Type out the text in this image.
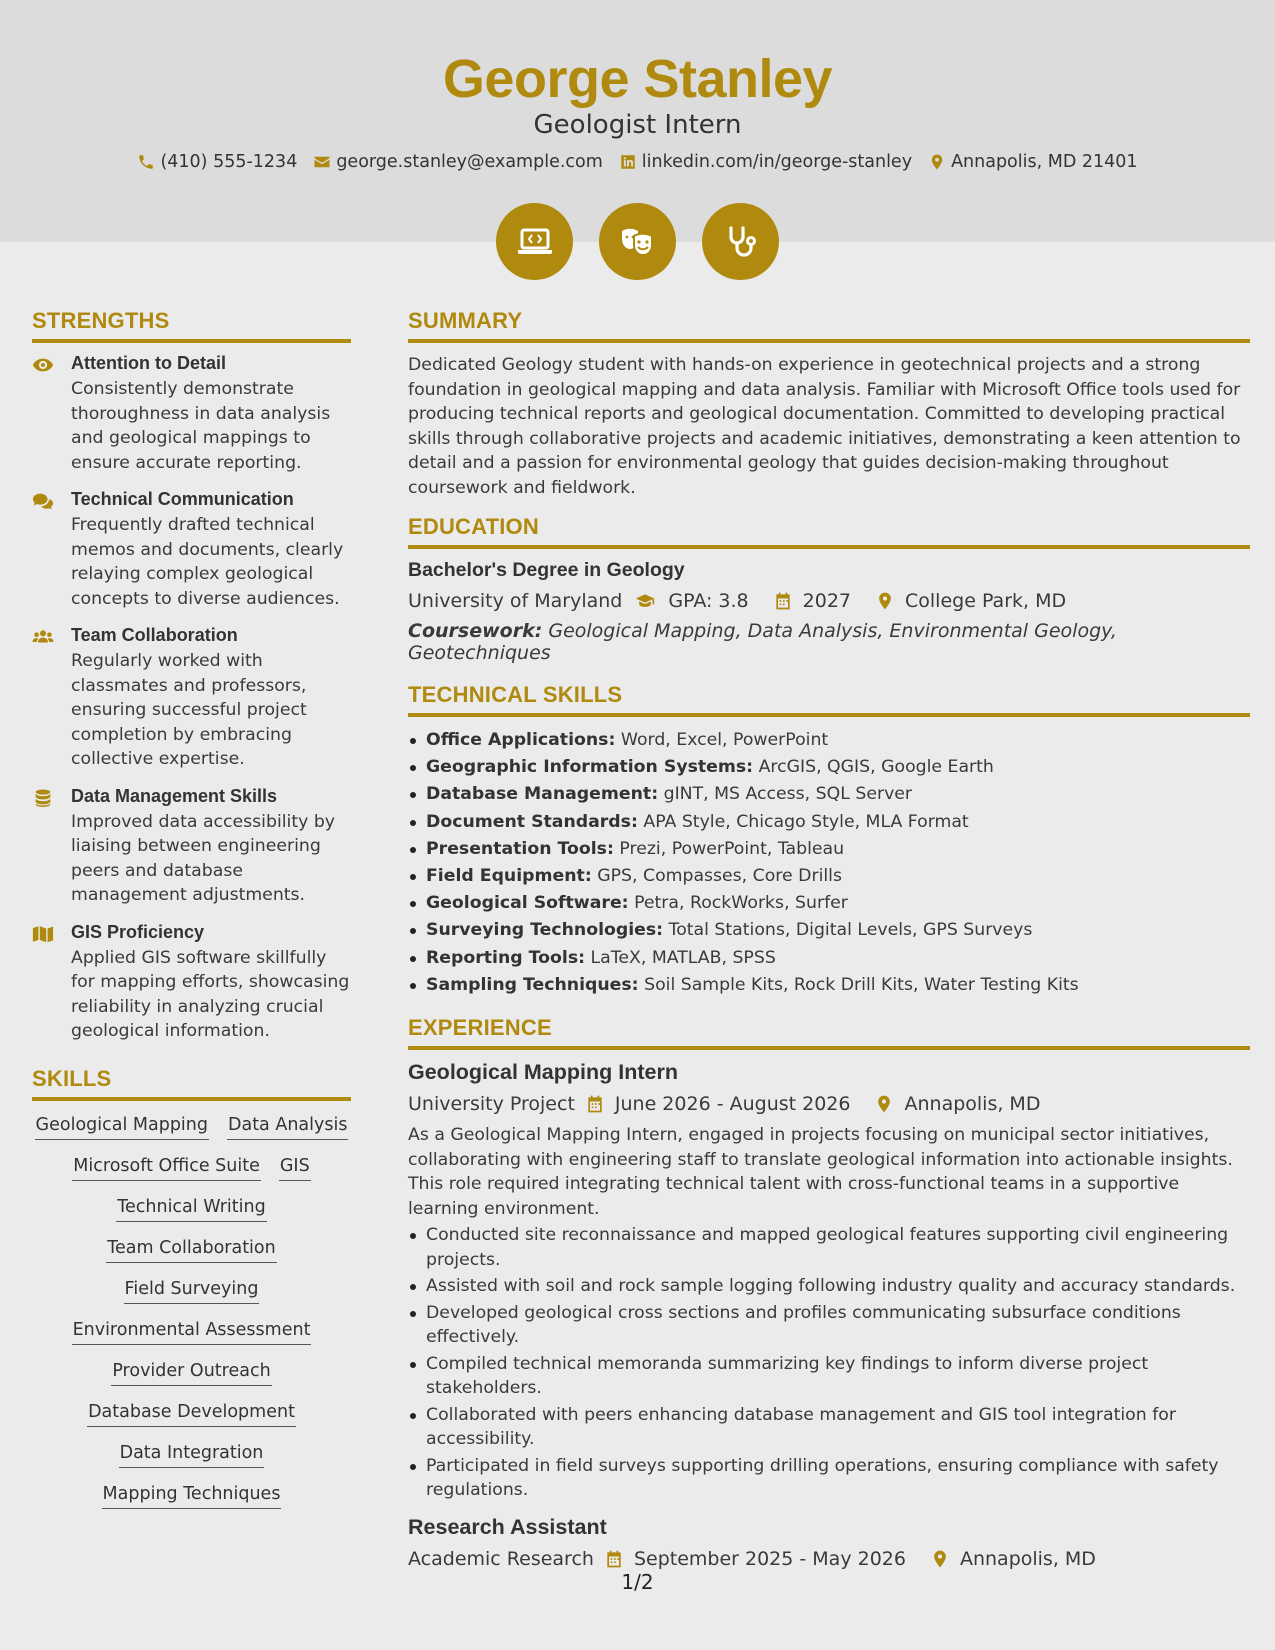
George Stanley
Geologist Intern
(410) 555-1234 george.stanley@example.com linkedin.com/in/george-stanley Annapolis, MD 21401
STRENGTHS
Attention to Detail
Consistently demonstrate thoroughness in data analysis and geological mappings to ensure accurate reporting.
Technical Communication
Frequently drafted technical memos and documents, clearly relaying complex geological concepts to diverse audiences.
Team Collaboration
Regularly worked with classmates and professors, ensuring successful project completion by embracing collective expertise.
Data Management Skills
Improved data accessibility by liaising between engineering peers and database management adjustments.
GIS Proficiency
Applied GIS software skillfully for mapping efforts, showcasing reliability in analyzing crucial geological information.
SKILLS
Geological Mapping Data Analysis
Microsoft Office Suite GIS
Technical Writing
Team Collaboration
Field Surveying
Environmental Assessment
Provider Outreach
Database Development
Data Integration
Mapping Techniques
SUMMARY
Dedicated Geology student with hands-on experience in geotechnical projects and a strong foundation in geological mapping and data analysis. Familiar with Microsoft Office tools used for producing technical reports and geological documentation. Committed to developing practical skills through collaborative projects and academic initiatives, demonstrating a keen attention to detail and a passion for environmental geology that guides decision-making throughout coursework and fieldwork.
EDUCATION
Bachelor's Degree in Geology
University of Maryland GPA: 3.8	2027	College Park, MD
Coursework: Geological Mapping, Data Analysis, Environmental Geology, Geotechniques
TECHNICAL SKILLS
Office Applications: Word, Excel, PowerPoint
Geographic Information Systems: ArcGIS, QGIS, Google Earth
Database Management: gINT, MS Access, SQL Server
Document Standards: APA Style, Chicago Style, MLA Format
Presentation Tools: Prezi, PowerPoint, Tableau
Field Equipment: GPS, Compasses, Core Drills
Geological Software: Petra, RockWorks, Surfer
Surveying Technologies: Total Stations, Digital Levels, GPS Surveys
Reporting Tools: LaTeX, MATLAB, SPSS
Sampling Techniques: Soil Sample Kits, Rock Drill Kits, Water Testing Kits
EXPERIENCE
Geological Mapping Intern
University Project June 2026 - August 2026	Annapolis, MD
As a Geological Mapping Intern, engaged in projects focusing on municipal sector initiatives, collaborating with engineering staff to translate geological information into actionable insights. This role required integrating technical talent with cross-functional teams in a supportive learning environment.
Conducted site reconnaissance and mapped geological features supporting civil engineering projects.
Assisted with soil and rock sample logging following industry quality and accuracy standards.
Developed geological cross sections and profiles communicating subsurface conditions effectively.
Compiled technical memoranda summarizing key findings to inform diverse project stakeholders.
Collaborated with peers enhancing database management and GIS tool integration for accessibility.
Participated in field surveys supporting drilling operations, ensuring compliance with safety regulations.
Research Assistant
Academic Research September 2025 - May 2026	Annapolis, MD
1/2
